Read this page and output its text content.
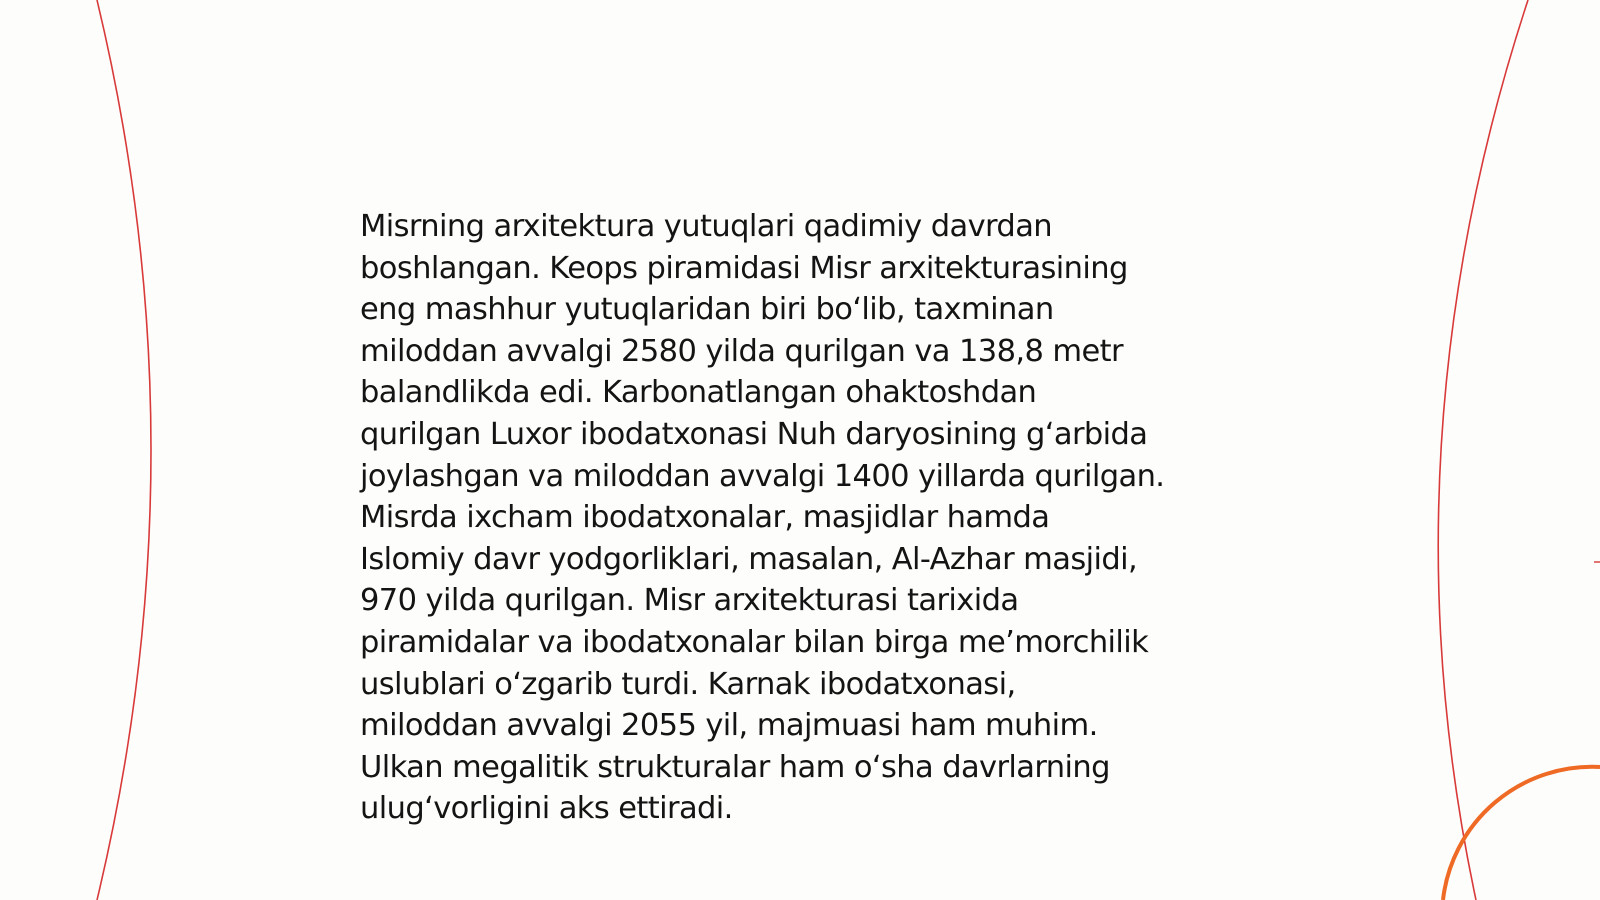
Misrning arxitektura yutuqlari qadimiy davrdan
boshlangan. Keops piramidasi Misr arxitekturasining
eng mashhur yutuqlaridan biri bo‘lib, taxminan
miloddan avvalgi 2580 yilda qurilgan va 138,8 metr
balandlikda edi. Karbonatlangan ohaktoshdan
qurilgan Luxor ibodatxonasi Nuh daryosining g‘arbida
joylashgan va miloddan avvalgi 1400 yillarda qurilgan.
Misrda ixcham ibodatxonalar, masjidlar hamda
Islomiy davr yodgorliklari, masalan, Al-Azhar masjidi,
970 yilda qurilgan. Misr arxitekturasi tarixida
piramidalar va ibodatxonalar bilan birga me’morchilik
uslublari o‘zgarib turdi. Karnak ibodatxonasi,
miloddan avvalgi 2055 yil, majmuasi ham muhim.
Ulkan megalitik strukturalar ham o‘sha davrlarning
ulug‘vorligini aks ettiradi.
